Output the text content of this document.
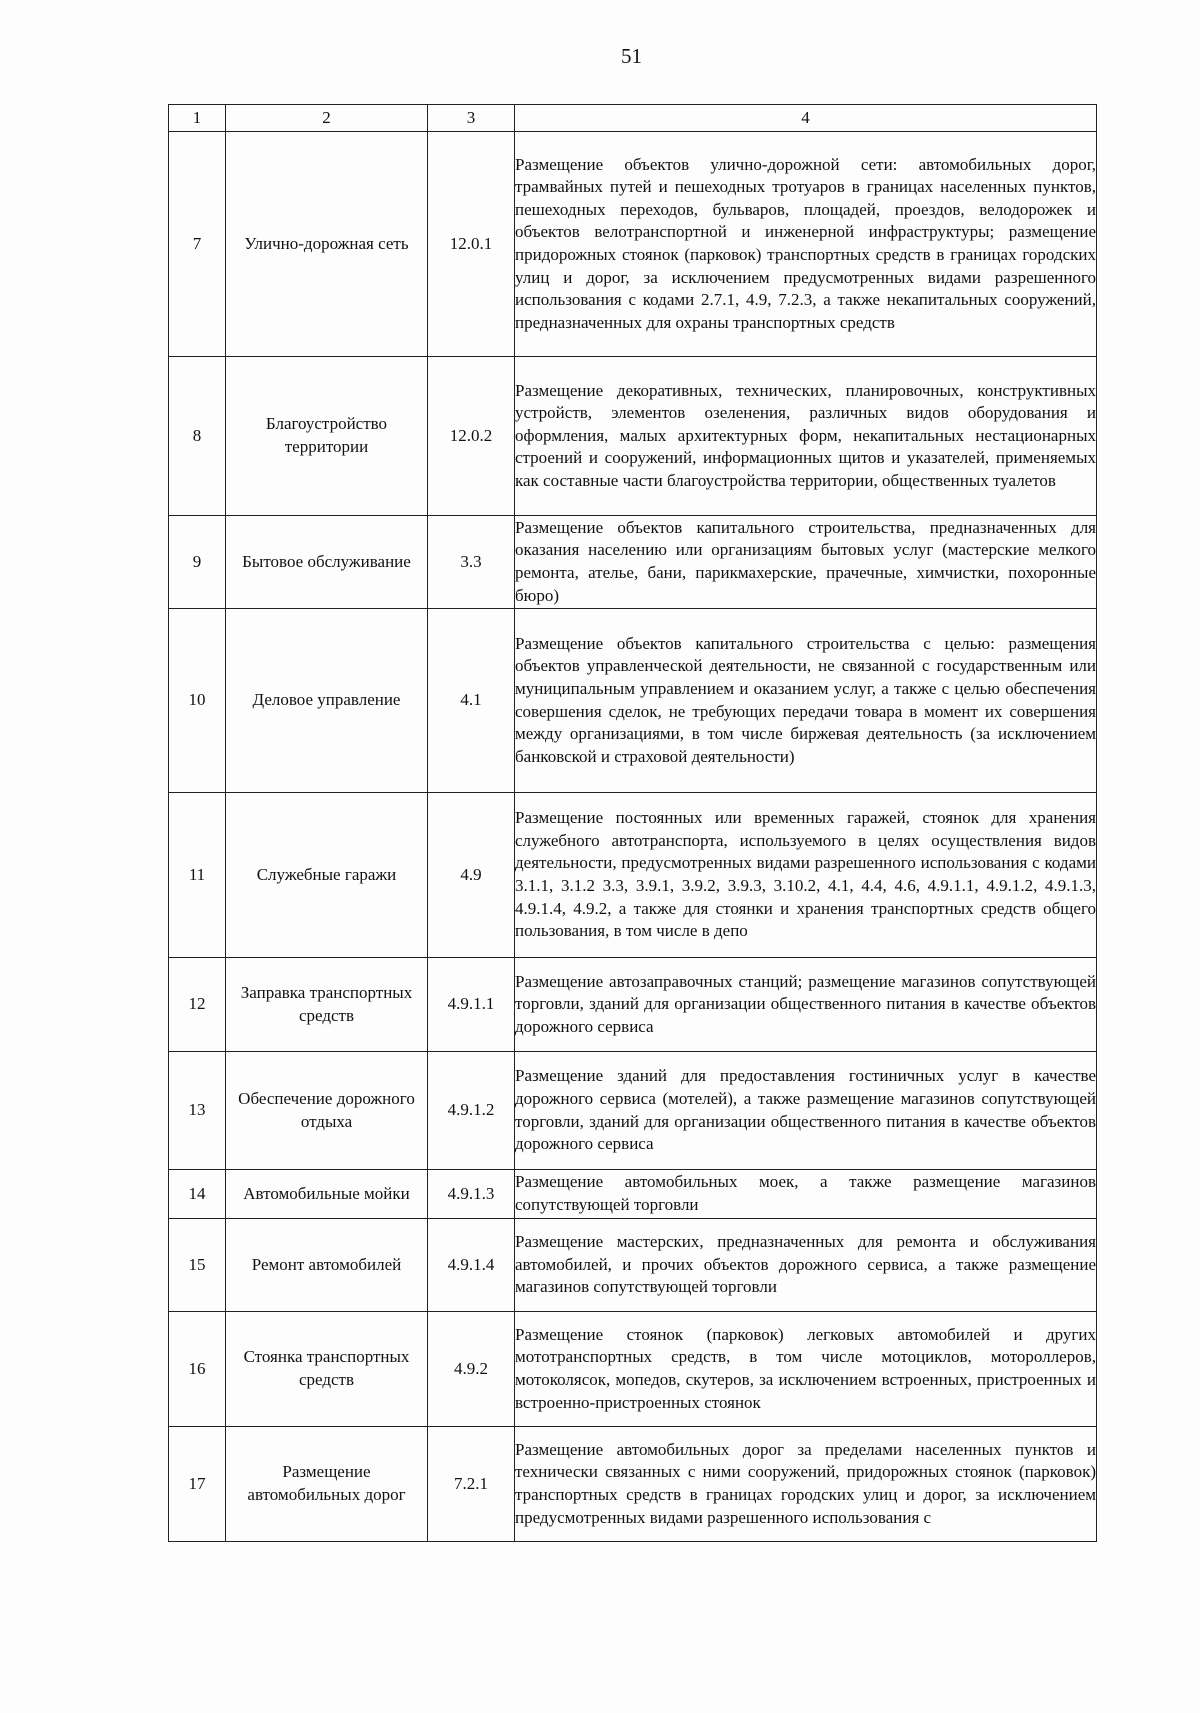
51
1	2	3	4
7	Улично-дорожная сеть	12.0.1	Размещение объектов улично-дорожной сети: автомобильных дорог, трамвайных путей и пешеходных тротуаров в границах населенных пунктов, пешеходных переходов, бульваров, площадей, проездов, велодорожек и объектов велотранспортной и инженерной инфраструктуры; размещение придорожных стоянок (парковок) транспортных средств в границах городских улиц и дорог, за исключением предусмотренных видами разрешенного использования с кодами 2.7.1, 4.9, 7.2.3, а также некапитальных сооружений, предназначенных для охраны транспортных средств
8	Благоустройство территории	12.0.2	Размещение декоративных, технических, планировочных, конструктивных устройств, элементов озеленения, различных видов оборудования и оформления, малых архитектурных форм, некапитальных нестационарных строений и сооружений, информационных щитов и указателей, применяемых как составные части благоустройства территории, общественных туалетов
9	Бытовое обслуживание	3.3	Размещение объектов капитального строительства, предназначенных для оказания населению или организациям бытовых услуг (мастерские мелкого ремонта, ателье, бани, парикмахерские, прачечные, химчистки, похоронные бюро)
10	Деловое управление	4.1	Размещение объектов капитального строительства с целью: размещения объектов управленческой деятельности, не связанной с государственным или муниципальным управлением и оказанием услуг, а также с целью обеспечения совершения сделок, не требующих передачи товара в момент их совершения между организациями, в том числе биржевая деятельность (за исключением банковской и страховой деятельности)
11	Служебные гаражи	4.9	Размещение постоянных или временных гаражей, стоянок для хранения служебного автотранспорта, используемого в целях осуществления видов деятельности, предусмотренных видами разрешенного использования с кодами 3.1.1, 3.1.2 3.3, 3.9.1, 3.9.2, 3.9.3, 3.10.2, 4.1, 4.4, 4.6, 4.9.1.1, 4.9.1.2, 4.9.1.3, 4.9.1.4, 4.9.2, а также для стоянки и хранения транспортных средств общего пользования, в том числе в депо
12	Заправка транспортных средств	4.9.1.1	Размещение автозаправочных станций; размещение магазинов сопутствующей торговли, зданий для организации общественного питания в качестве объектов дорожного сервиса
13	Обеспечение дорожного отдыха	4.9.1.2	Размещение зданий для предоставления гостиничных услуг в качестве дорожного сервиса (мотелей), а также размещение магазинов сопутствующей торговли, зданий для организации общественного питания в качестве объектов дорожного сервиса
14	Автомобильные мойки	4.9.1.3	Размещение автомобильных моек, а также размещение магазинов сопутствующей торговли
15	Ремонт автомобилей	4.9.1.4	Размещение мастерских, предназначенных для ремонта и обслуживания автомобилей, и прочих объектов дорожного сервиса, а также размещение магазинов сопутствующей торговли
16	Стоянка транспортных средств	4.9.2	Размещение стоянок (парковок) легковых автомобилей и других мототранспортных средств, в том числе мотоциклов, мотороллеров, мотоколясок, мопедов, скутеров, за исключением встроенных, пристроенных и встроенно-пристроенных стоянок
17	Размещение автомобильных дорог	7.2.1	Размещение автомобильных дорог за пределами населенных пунктов и технически связанных с ними сооружений, придорожных стоянок (парковок) транспортных средств в границах городских улиц и дорог, за исключением предусмотренных видами разрешенного использования с
